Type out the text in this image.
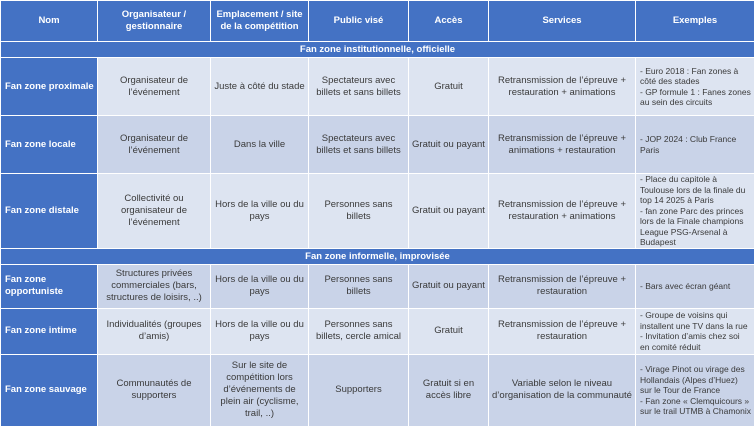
Nom	Organisateur / gestionnaire	Emplacement / site de la compétition	Public visé	Accès	Services	Exemples
Fan zone institutionnelle, officielle						
Fan zone proximale	Organisateur de l’événement	Juste à côté du stade	Spectateurs avec billets et sans billets	Gratuit	Retransmission de l’épreuve + restauration + animations	- Euro 2018 : Fan zones à côté des stades
- GP formule 1 : Fanes zones au sein des circuits

Fan zone locale	Organisateur de l’événement	Dans la ville	Spectateurs avec billets et sans billets	Gratuit ou payant	Retransmission de l’épreuve + animations + restauration	- JOP 2024 : Club France Paris

Fan zone distale	Collectivité ou organisateur de l’événement	Hors de la ville ou du pays	Personnes sans billets	Gratuit ou payant	Retransmission de l’épreuve + restauration + animations	- Place du capitole à Toulouse lors de la finale du top 14 2025 à Paris
- fan zone Parc des princes lors de la Finale champions League PSG-Arsenal à Budapest

Fan zone informelle, improvisée						
Fan zone opportuniste	Structures privées commerciales (bars, structures de loisirs, ..)	Hors de la ville ou du pays	Personnes sans billets	Gratuit ou payant	Retransmission de l’épreuve + restauration	- Bars avec écran géant

Fan zone intime	Individualités (groupes d’amis)	Hors de la ville ou du pays	Personnes sans billets, cercle amical	Gratuit	Retransmission de l’épreuve + restauration	- Groupe de voisins qui installent une TV dans la rue
- Invitation d’amis chez soi en comité réduit

Fan zone sauvage	Communautés de supporters	Sur le site de compétition lors d’événements de plein air (cyclisme, trail, ..)	Supporters	Gratuit si en accès libre	Variable selon le niveau d’organisation de la communauté	- Virage Pinot ou virage des Hollandais (Alpes d’Huez) sur le Tour de France
- Fan zone « Clemquicours » sur le trail UTMB à Chamonix
